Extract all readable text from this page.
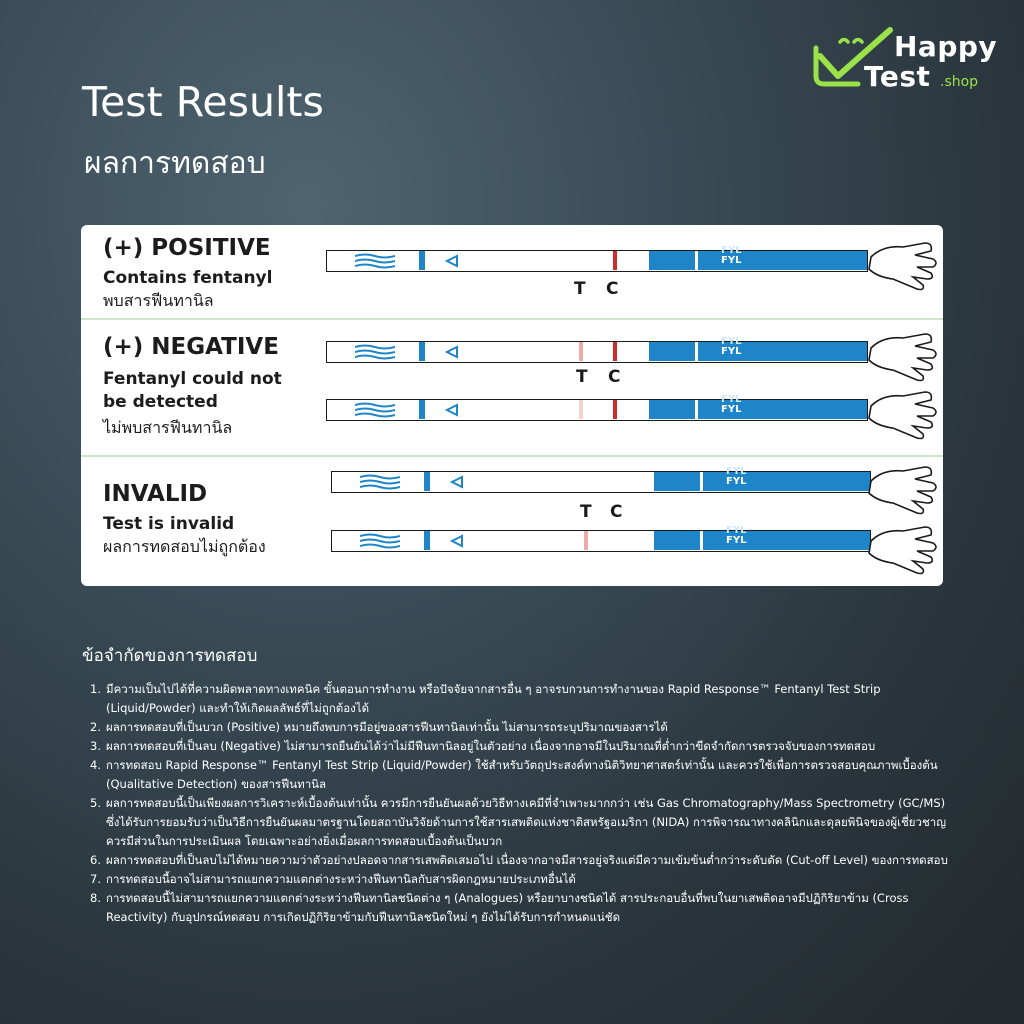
Happy
Test .shop
Test Results
ผลการทดสอบ
(+) POSITIVE
Contains fentanyl
พบสารฟีนทานิล
FYL
FYL
T C
(+) NEGATIVE
Fentanyl could not be detected
ไม่พบสารฟีนทานิล
FYL
FYL
T C
FYL
FYL
INVALID
Test is invalid
ผลการทดสอบไม่ถูกต้อง
FYL
FYL
T C
FYL
FYL
ข้อจำกัดของการทดสอบ
1. มีความเป็นไปได้ที่ความผิดพลาดทางเทคนิค ขั้นตอนการทำงาน หรือปัจจัยจากสารอื่น ๆ อาจรบกวนการทำงานของ Rapid Response™ Fentanyl Test Strip (Liquid/Powder) และทำให้เกิดผลลัพธ์ที่ไม่ถูกต้องได้
2. ผลการทดสอบที่เป็นบวก (Positive) หมายถึงพบการมีอยู่ของสารฟีนทานิลเท่านั้น ไม่สามารถระบุปริมาณของสารได้
3. ผลการทดสอบที่เป็นลบ (Negative) ไม่สามารถยืนยันได้ว่าไม่มีฟีนทานิลอยู่ในตัวอย่าง เนื่องจากอาจมีในปริมาณที่ต่ำกว่าขีดจำกัดการตรวจจับของการทดสอบ
4. การทดสอบ Rapid Response™ Fentanyl Test Strip (Liquid/Powder) ใช้สำหรับวัตถุประสงค์ทางนิติวิทยาศาสตร์เท่านั้น และควรใช้เพื่อการตรวจสอบคุณภาพเบื้องต้น (Qualitative Detection) ของสารฟีนทานิล
5. ผลการทดสอบนี้เป็นเพียงผลการวิเคราะห์เบื้องต้นเท่านั้น ควรมีการยืนยันผลด้วยวิธีทางเคมีที่จำเพาะมากกว่า เช่น Gas Chromatography/Mass Spectrometry (GC/MS) ซึ่งได้รับการยอมรับว่าเป็นวิธีการยืนยันผลมาตรฐานโดยสถาบันวิจัยด้านการใช้สารเสพติดแห่งชาติสหรัฐอเมริกา (NIDA) การพิจารณาทางคลินิกและดุลยพินิจของผู้เชี่ยวชาญควรมีส่วนในการประเมินผล โดยเฉพาะอย่างยิ่งเมื่อผลการทดสอบเบื้องต้นเป็นบวก
6. ผลการทดสอบที่เป็นลบไม่ได้หมายความว่าตัวอย่างปลอดจากสารเสพติดเสมอไป เนื่องจากอาจมีสารอยู่จริงแต่มีความเข้มข้นต่ำกว่าระดับตัด (Cut-off Level) ของการทดสอบ
7. การทดสอบนี้อาจไม่สามารถแยกความแตกต่างระหว่างฟีนทานิลกับสารผิดกฎหมายประเภทอื่นได้
8. การทดสอบนี้ไม่สามารถแยกความแตกต่างระหว่างฟีนทานิลชนิดต่าง ๆ (Analogues) หรือยาบางชนิดได้ สารประกอบอื่นที่พบในยาเสพติดอาจมีปฏิกิริยาข้าม (Cross Reactivity) กับอุปกรณ์ทดสอบ การเกิดปฏิกิริยาข้ามกับฟีนทานิลชนิดใหม่ ๆ ยังไม่ได้รับการกำหนดแน่ชัด
